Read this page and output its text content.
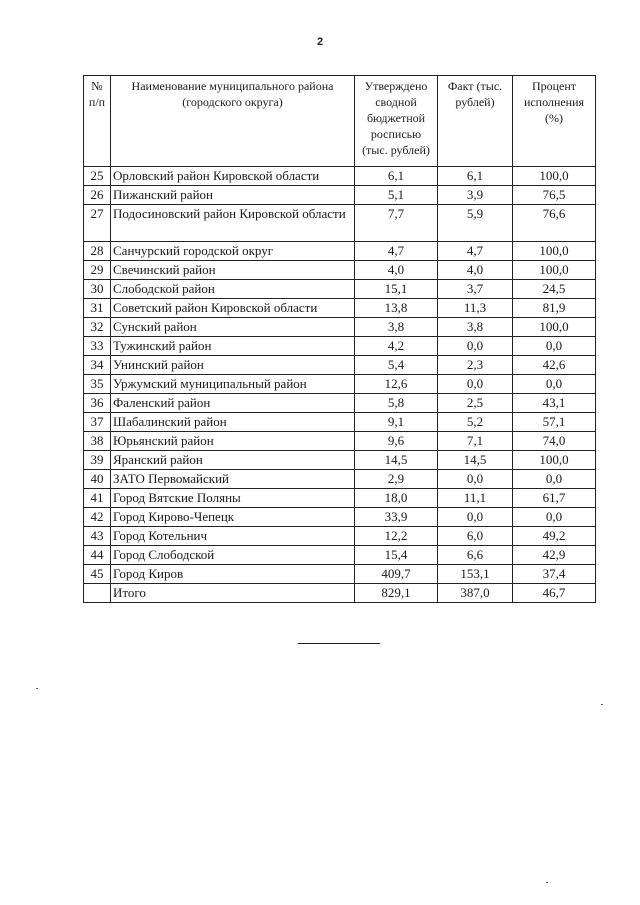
2
№ п/п	Наименование муниципального района (городского округа)	Утверждено сводной бюджетной росписью (тыс. рублей)	Факт (тыс. рублей)	Процент исполнения (%)
25	Орловский район Кировской области	6,1	6,1	100,0
26	Пижанский район	5,1	3,9	76,5
27	Подосиновский район Кировской области	7,7	5,9	76,6
28	Санчурский городской округ	4,7	4,7	100,0
29	Свечинский район	4,0	4,0	100,0
30	Слободской район	15,1	3,7	24,5
31	Советский район Кировской области	13,8	11,3	81,9
32	Сунский район	3,8	3,8	100,0
33	Тужинский район	4,2	0,0	0,0
34	Унинский район	5,4	2,3	42,6
35	Уржумский муниципальный район	12,6	0,0	0,0
36	Фаленский район	5,8	2,5	43,1
37	Шабалинский район	9,1	5,2	57,1
38	Юрьянский район	9,6	7,1	74,0
39	Яранский район	14,5	14,5	100,0
40	ЗАТО Первомайский	2,9	0,0	0,0
41	Город Вятские Поляны	18,0	11,1	61,7
42	Город Кирово-Чепецк	33,9	0,0	0,0
43	Город Котельнич	12,2	6,0	49,2
44	Город Слободской	15,4	6,6	42,9
45	Город Киров	409,7	153,1	37,4
	Итого	829,1	387,0	46,7
